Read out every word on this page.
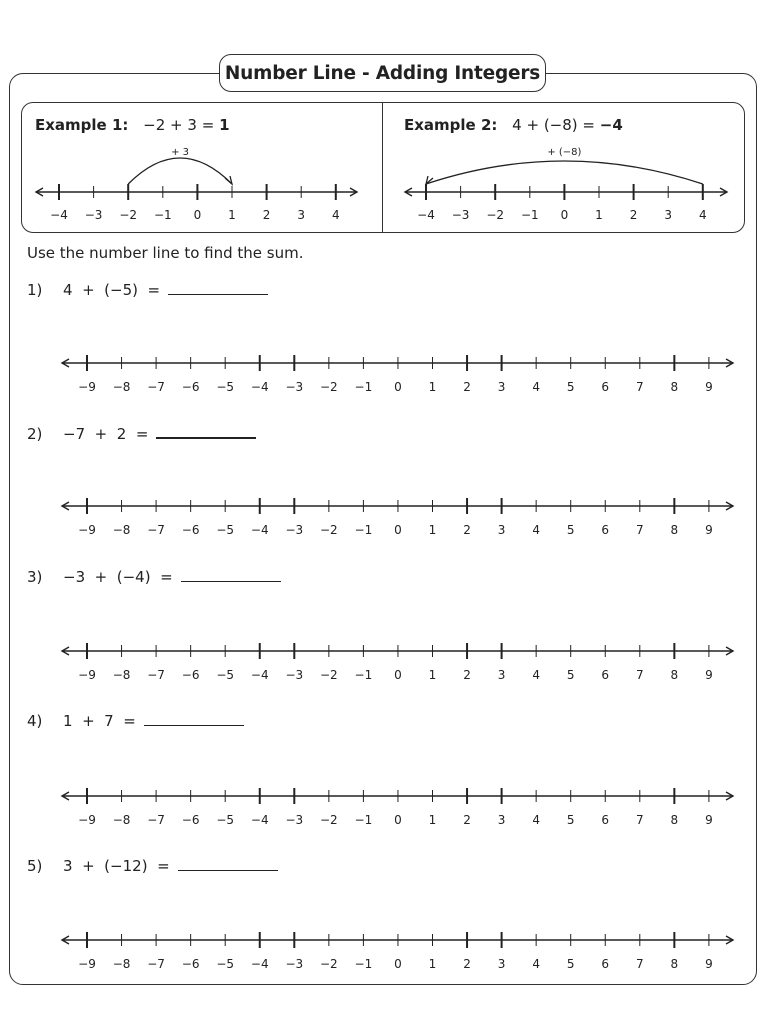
Number Line - Adding Integers
Example 1: −2 + 3 = 1	Example 2: 4 + (−8) = −4
−4 −3 −2 −1 0 1 2 3 4
+ 3
−4 −3 −2 −1 0 1 2 3 4
+ (−8)
−9 −8 −7 −6 −5 −4 −3 −2 −1 0 1 2 3 4 5 6 7 8 9
−9 −8 −7 −6 −5 −4 −3 −2 −1 0 1 2 3 4 5 6 7 8 9
−9 −8 −7 −6 −5 −4 −3 −2 −1 0 1 2 3 4 5 6 7 8 9
−9 −8 −7 −6 −5 −4 −3 −2 −1 0 1 2 3 4 5 6 7 8 9
−9 −8 −7 −6 −5 −4 −3 −2 −1 0 1 2 3 4 5 6 7 8 9
Use the number line to find the sum.
1) 4  +  (−5)  =
2) −7  +  2  =
3) −3  +  (−4)  =
4) 1  +  7  =
5) 3  +  (−12)  =
